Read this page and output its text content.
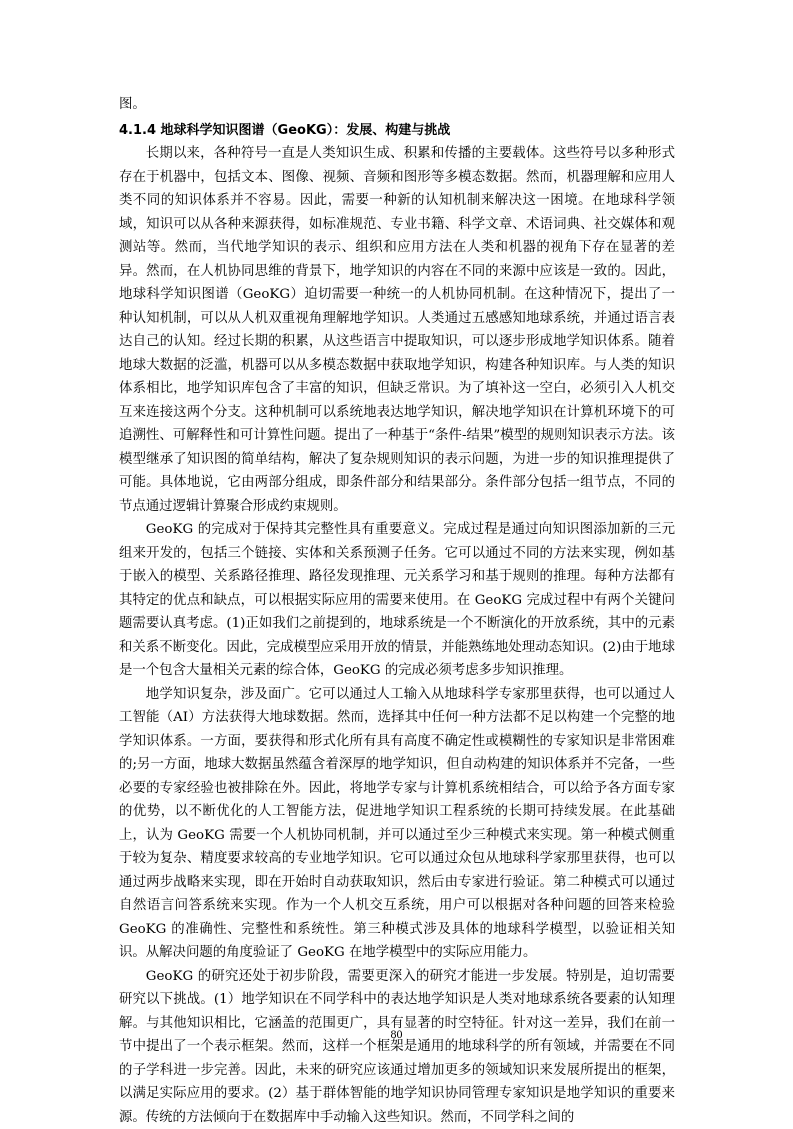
图。

4.1.4 地球科学知识图谱（GeoKG）：发展、构建与挑战

长期以来，各种符号一直是人类知识生成、积累和传播的主要载体。这些符号以多种形式存在于机器中，包括文本、图像、视频、音频和图形等多模态数据。然而，机器理解和应用人类不同的知识体系并不容易。因此，需要一种新的认知机制来解决这一困境。在地球科学领域，知识可以从各种来源获得，如标准规范、专业书籍、科学文章、术语词典、社交媒体和观测站等。然而，当代地学知识的表示、组织和应用方法在人类和机器的视角下存在显著的差异。然而，在人机协同思维的背景下，地学知识的内容在不同的来源中应该是一致的。因此，地球科学知识图谱（GeoKG）迫切需要一种统一的人机协同机制。在这种情况下，提出了一种认知机制，可以从人机双重视角理解地学知识。人类通过五感感知地球系统，并通过语言表达自己的认知。经过长期的积累，从这些语言中提取知识，可以逐步形成地学知识体系。随着地球大数据的泛滥，机器可以从多模态数据中获取地学知识，构建各种知识库。与人类的知识体系相比，地学知识库包含了丰富的知识，但缺乏常识。为了填补这一空白，必须引入人机交互来连接这两个分支。这种机制可以系统地表达地学知识，解决地学知识在计算机环境下的可追溯性、可解释性和可计算性问题。提出了一种基于“条件-结果”模型的规则知识表示方法。该模型继承了知识图的简单结构，解决了复杂规则知识的表示问题，为进一步的知识推理提供了可能。具体地说，它由两部分组成，即条件部分和结果部分。条件部分包括一组节点，不同的节点通过逻辑计算聚合形成约束规则。

GeoKG 的完成对于保持其完整性具有重要意义。完成过程是通过向知识图添加新的三元组来开发的，包括三个链接、实体和关系预测子任务。它可以通过不同的方法来实现，例如基于嵌入的模型、关系路径推理、路径发现推理、元关系学习和基于规则的推理。每种方法都有其特定的优点和缺点，可以根据实际应用的需要来使用。在 GeoKG 完成过程中有两个关键问题需要认真考虑。(1)正如我们之前提到的，地球系统是一个不断演化的开放系统，其中的元素和关系不断变化。因此，完成模型应采用开放的情景，并能熟练地处理动态知识。(2)由于地球是一个包含大量相关元素的综合体，GeoKG 的完成必须考虑多步知识推理。

地学知识复杂，涉及面广。它可以通过人工输入从地球科学专家那里获得，也可以通过人工智能（AI）方法获得大地球数据。然而，选择其中任何一种方法都不足以构建一个完整的地学知识体系。一方面，要获得和形式化所有具有高度不确定性或模糊性的专家知识是非常困难的;另一方面，地球大数据虽然蕴含着深厚的地学知识，但自动构建的知识体系并不完备，一些必要的专家经验也被排除在外。因此，将地学专家与计算机系统相结合，可以给予各方面专家的优势，以不断优化的人工智能方法，促进地学知识工程系统的长期可持续发展。在此基础上，认为 GeoKG 需要一个人机协同机制，并可以通过至少三种模式来实现。第一种模式侧重于较为复杂、精度要求较高的专业地学知识。它可以通过众包从地球科学家那里获得，也可以通过两步战略来实现，即在开始时自动获取知识，然后由专家进行验证。第二种模式可以通过自然语言问答系统来实现。作为一个人机交互系统，用户可以根据对各种问题的回答来检验 GeoKG 的准确性、完整性和系统性。第三种模式涉及具体的地球科学模型，以验证相关知识。从解决问题的角度验证了 GeoKG 在地学模型中的实际应用能力。

GeoKG 的研究还处于初步阶段，需要更深入的研究才能进一步发展。特别是，迫切需要研究以下挑战。(1）地学知识在不同学科中的表达地学知识是人类对地球系统各要素的认知理解。与其他知识相比，它涵盖的范围更广，具有显著的时空特征。针对这一差异，我们在前一节中提出了一个表示框架。然而，这样一个框架是通用的地球科学的所有领域，并需要在不同的子学科进一步完善。因此，未来的研究应该通过增加更多的领域知识来发展所提出的框架，以满足实际应用的要求。(2）基于群体智能的地学知识协同管理专家知识是地学知识的重要来源。传统的方法倾向于在数据库中手动输入这些知识。然而，不同学科之间的

80
